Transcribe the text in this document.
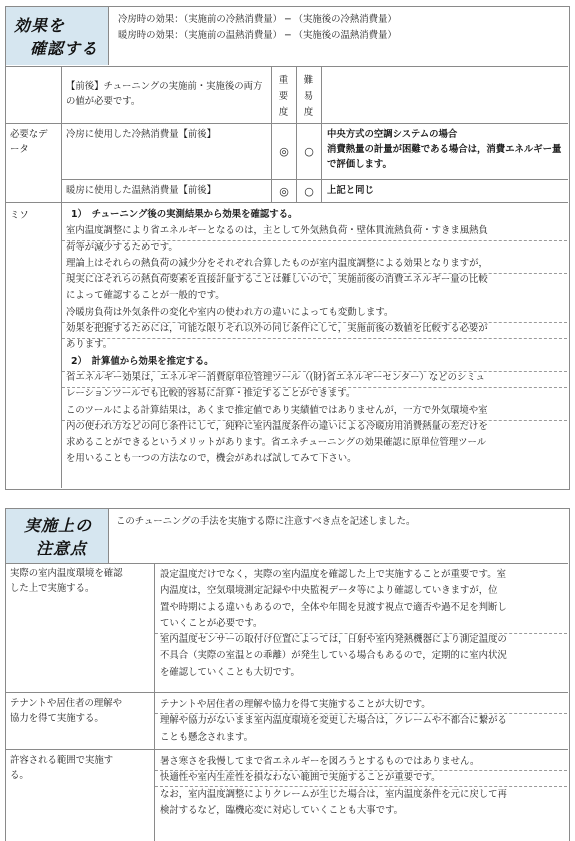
効果を
確認する
冷房時の効果：（実施前の冷熱消費量） ─ （実施後の冷熱消費量）
暖房時の効果：（実施前の温熱消費量） ─ （実施後の温熱消費量）
【前後】チューニングの実施前・実施後の両方の値が必要です。
重要度
難易度
必要なデータ
冷房に使用した冷熱消費量【前後】
◎ ○
中央方式の空調システムの場合
消費熱量の計量が困難である場合は，消費エネルギー量で評価します。
暖房に使用した温熱消費量【前後】	◎ ○ 上記と同じ
ミソ	1）　チューニング後の実測結果から効果を確認する。

室内温度調整により省エネルギーとなるのは，主として外気熱負荷・壁体貫流熱負荷・すきま風熱負

荷等が減少するためです。

理論上はそれらの熱負荷の減少分をそれぞれ合算したものが室内温度調整による効果となりますが，

現実にはそれらの熱負荷要素を直接計量することは難しいので，実施前後の消費エネルギー量の比較

によって確認することが一般的です。

冷暖房負荷は外気条件の変化や室内の使われ方の違いによっても変動します。

効果を把握するためには，可能な限りそれ以外の同じ条件にして，実施前後の数値を比較する必要が

あります。

2）　計算値から効果を推定する。

省エネルギー効果は，エネルギー消費原単位管理ツール（(財)省エネルギーセンター）などのシミュ

レーションツールでも比較的容易に計算・推定することができます。

このツールによる計算結果は，あくまで推定値であり実績値ではありませんが，一方で外気環境や室

内の使われ方などの同じ条件にして，純粋に室内温度条件の違いによる冷暖房用消費熱量の差だけを

求めることができるというメリットがあります。省エネチューニングの効果確認に原単位管理ツール

を用いることも一つの方法なので，機会があれば試してみて下さい。

実施上の
注意点
このチューニングの手法を実施する際に注意すべき点を記述しました。

実際の室内温度環境を確認

した上で実施する。

設定温度だけでなく，実際の室内温度を確認した上で実施することが重要です。室

内温度は，空気環境測定記録や中央監視データ等により確認していきますが，位

置や時期による違いもあるので，全体や年間を見渡す視点で適否や過不足を判断し

ていくことが必要です。

室内温度センサーの取付け位置によっては，日射や室内発熱機器により測定温度の

不具合（実際の室温との乖離）が発生している場合もあるので，定期的に室内状況

を確認していくことも大切です。

テナントや居住者の理解や

協力を得て実施する。

テナントや居住者の理解や協力を得て実施することが大切です。

理解や協力がないまま室内温度環境を変更した場合は，クレームや不都合に繋がる

ことも懸念されます。

許容される範囲で実施す

る。

暑さ寒さを我慢してまで省エネルギーを図ろうとするものではありません。

快適性や室内生産性を損なわない範囲で実施することが重要です。

なお，室内温度調整によりクレームが生じた場合は，室内温度条件を元に戻して再

検討するなど，臨機応変に対応していくことも大事です。
